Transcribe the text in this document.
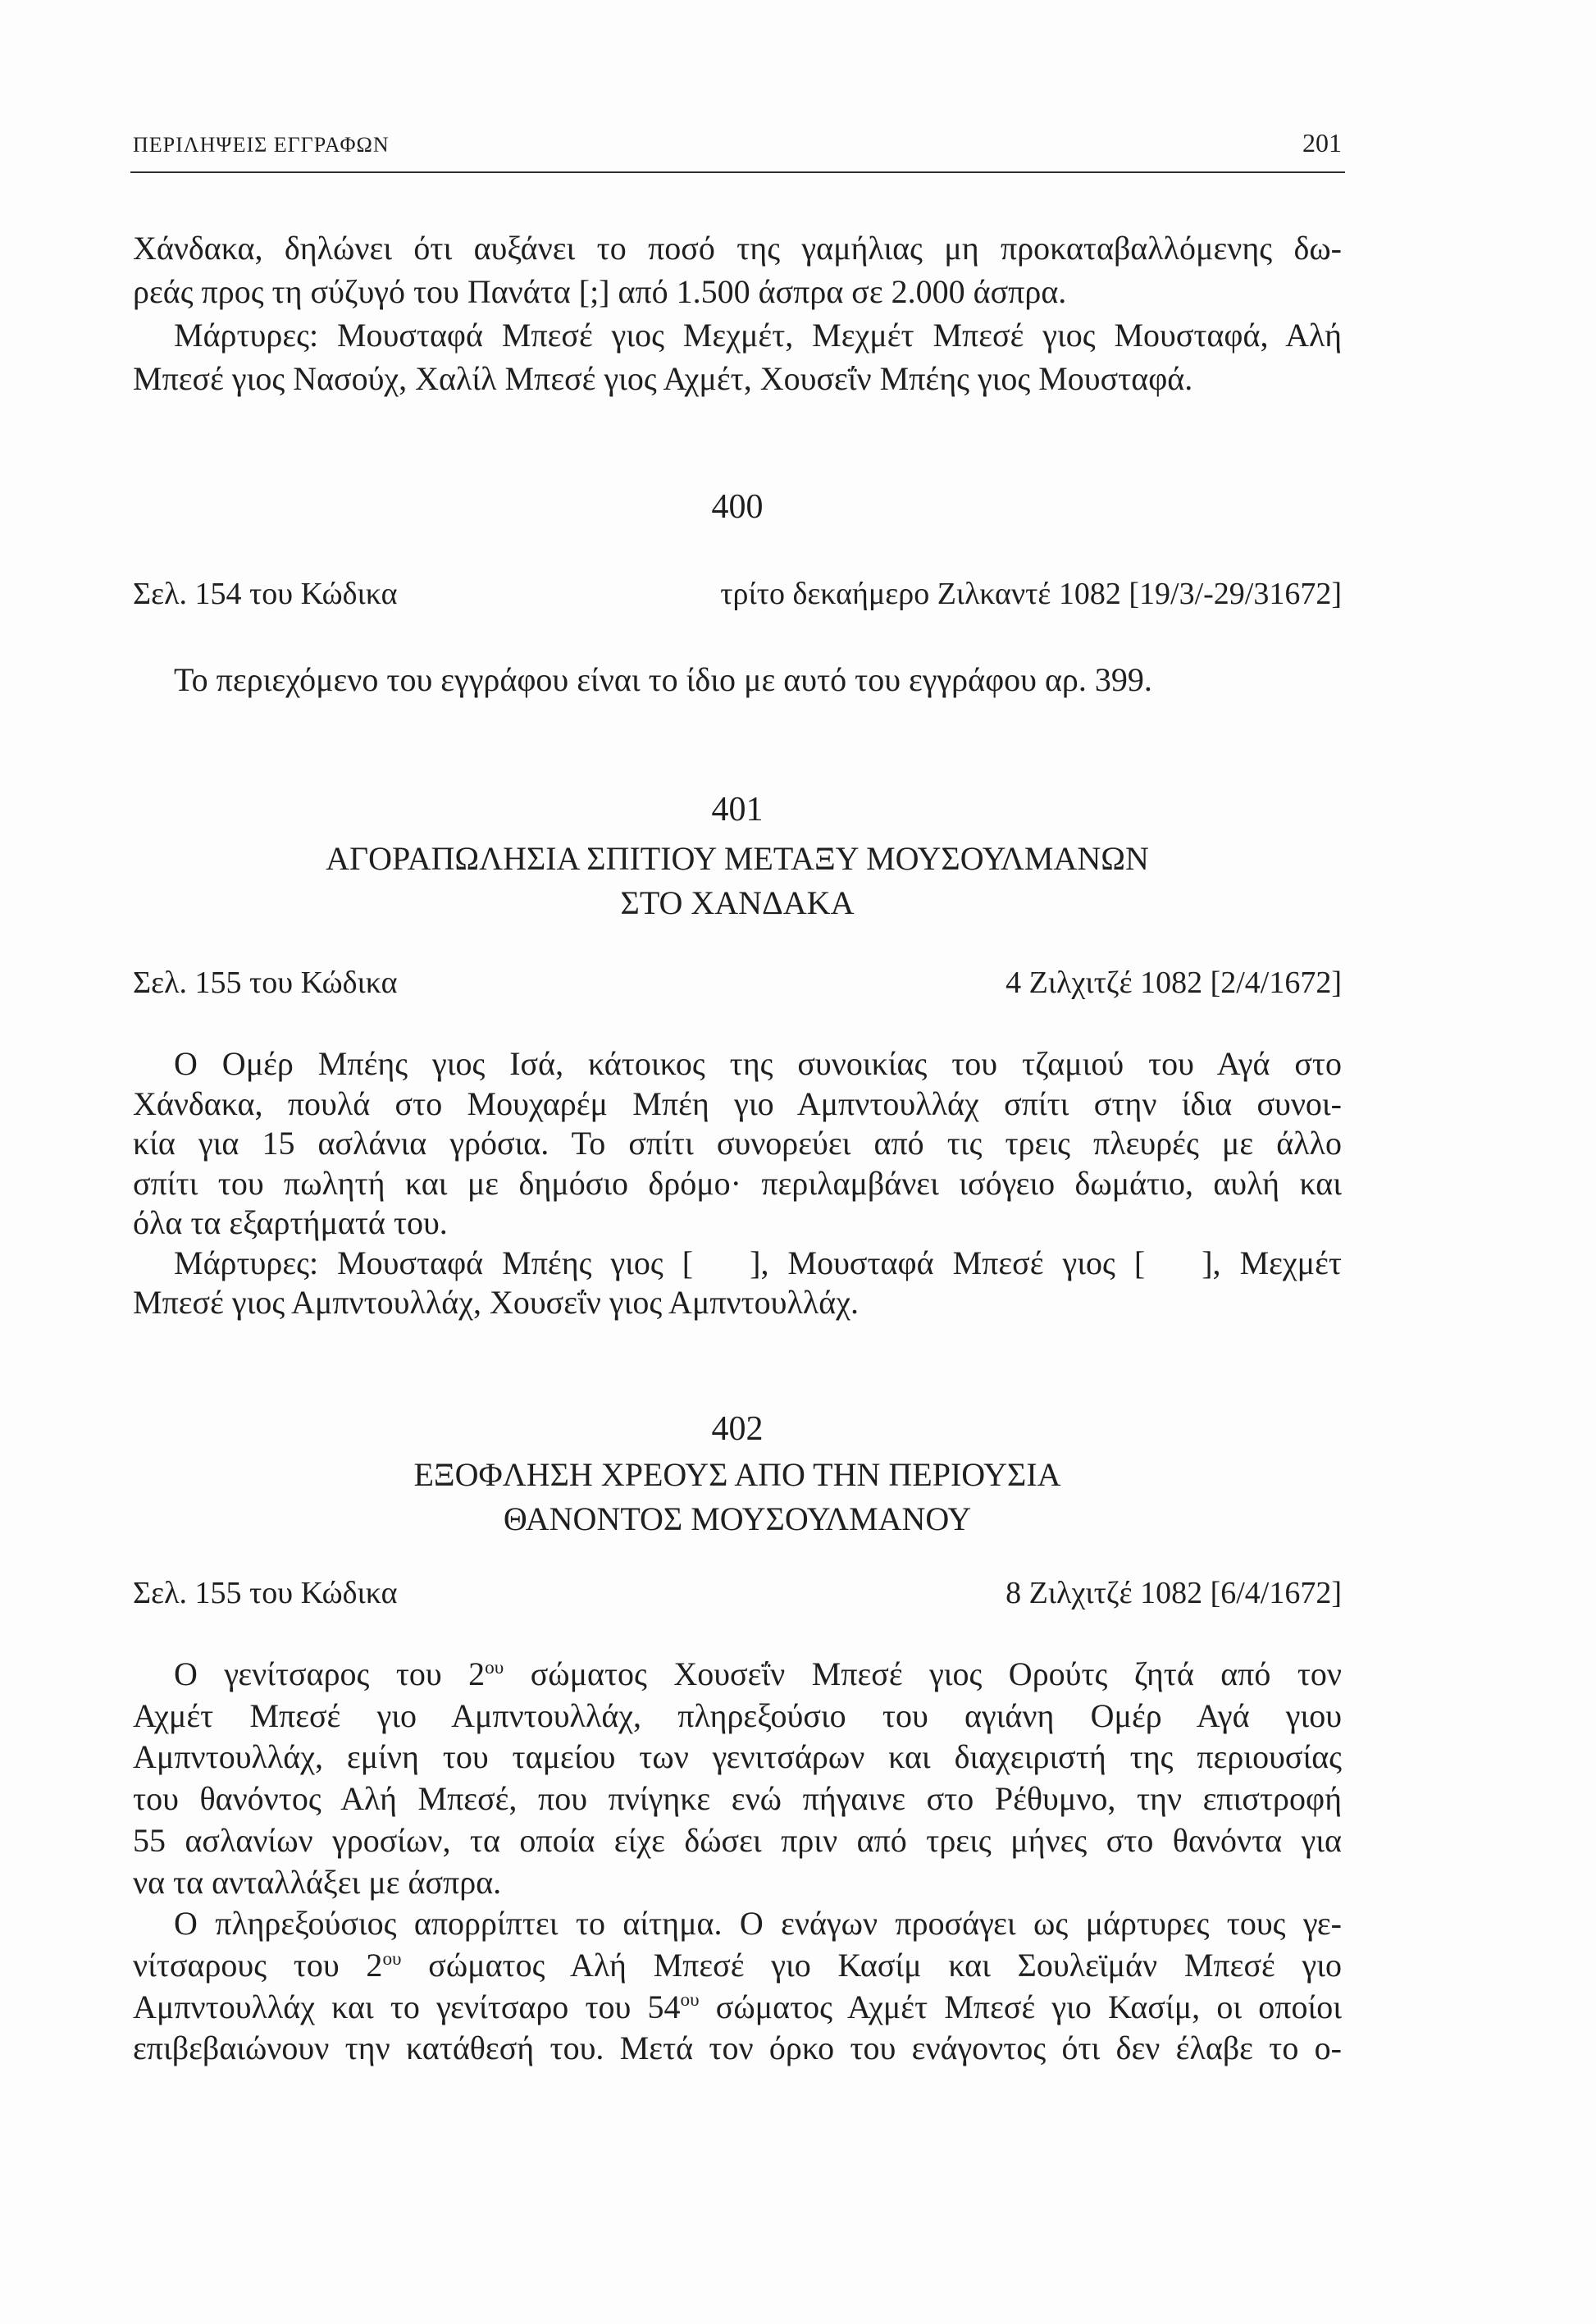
ΠΕΡΙΛΗΨΕΙΣ ΕΓΓΡΑΦΩΝ	201
Χάνδακα, δηλώνει ότι αυξάνει το ποσό της γαμήλιας μη προκαταβαλλόμενης δω-
ρεάς προς τη σύζυγό του Πανάτα [;] από 1.500 άσπρα σε 2.000 άσπρα.
Μάρτυρες: Μουσταφά Μπεσέ γιος Μεχμέτ, Μεχμέτ Μπεσέ γιος Μουσταφά, Αλή
Μπεσέ γιος Νασούχ, Χαλίλ Μπεσέ γιος Αχμέτ, Χουσεΐν Μπέης γιος Μουσταφά.
400
Σελ. 154 του Κώδικα	τρίτο δεκαήμερο Ζιλκαντέ 1082 [19/3/-29/31672]
Το περιεχόμενο του εγγράφου είναι το ίδιο με αυτό του εγγράφου αρ. 399.
401
ΑΓΟΡΑΠΩΛΗΣΙΑ ΣΠΙΤΙΟΥ ΜΕΤΑΞΥ ΜΟΥΣΟΥΛΜΑΝΩΝ
ΣΤΟ ΧΑΝΔΑΚΑ
Σελ. 155 του Κώδικα	4 Ζιλχιτζέ 1082 [2/4/1672]
Ο Ομέρ Μπέης γιος Ισά, κάτοικος της συνοικίας του τζαμιού του Αγά στο
Χάνδακα, πουλά στο Μουχαρέμ Μπέη γιο Αμπντουλλάχ σπίτι στην ίδια συνοι-
κία για 15 ασλάνια γρόσια. Το σπίτι συνορεύει από τις τρεις πλευρές με άλλο
σπίτι του πωλητή και με δημόσιο δρόμο· περιλαμβάνει ισόγειο δωμάτιο, αυλή και
όλα τα εξαρτήματά του.
Μάρτυρες: Μουσταφά Μπέης γιος [   ], Μουσταφά Μπεσέ γιος [   ], Μεχμέτ
Μπεσέ γιος Αμπντουλλάχ, Χουσεΐν γιος Αμπντουλλάχ.
402
ΕΞΟΦΛΗΣΗ ΧΡΕΟΥΣ ΑΠΟ ΤΗΝ ΠΕΡΙΟΥΣΙΑ
ΘΑΝΟΝΤΟΣ ΜΟΥΣΟΥΛΜΑΝΟΥ
Σελ. 155 του Κώδικα	8 Ζιλχιτζέ 1082 [6/4/1672]
Ο γενίτσαρος του $2^{o\upsilon}$ σώματος Χουσεΐν Μπεσέ γιος Ορούτς ζητά από τον
Αχμέτ Μπεσέ γιο Αμπντουλλάχ, πληρεξούσιο του αγιάνη Ομέρ Αγά γιου
Αμπντουλλάχ, εμίνη του ταμείου των γενιτσάρων και διαχειριστή της περιουσίας
του θανόντος Αλή Μπεσέ, που πνίγηκε ενώ πήγαινε στο Ρέθυμνο, την επιστροφή
55 ασλανίων γροσίων, τα οποία είχε δώσει πριν από τρεις μήνες στο θανόντα για
να τα ανταλλάξει με άσπρα.
Ο πληρεξούσιος απορρίπτει το αίτημα. Ο ενάγων προσάγει ως μάρτυρες τους γε-
νίτσαρους του $2^{o\upsilon}$ σώματος Αλή Μπεσέ γιο Κασίμ και Σουλεϊμάν Μπεσέ γιο
Αμπντουλλάχ και το γενίτσαρο του $54^{o\upsilon}$ σώματος Αχμέτ Μπεσέ γιο Κασίμ, οι οποίοι
επιβεβαιώνουν την κατάθεσή του. Μετά τον όρκο του ενάγοντος ότι δεν έλαβε το ο-
